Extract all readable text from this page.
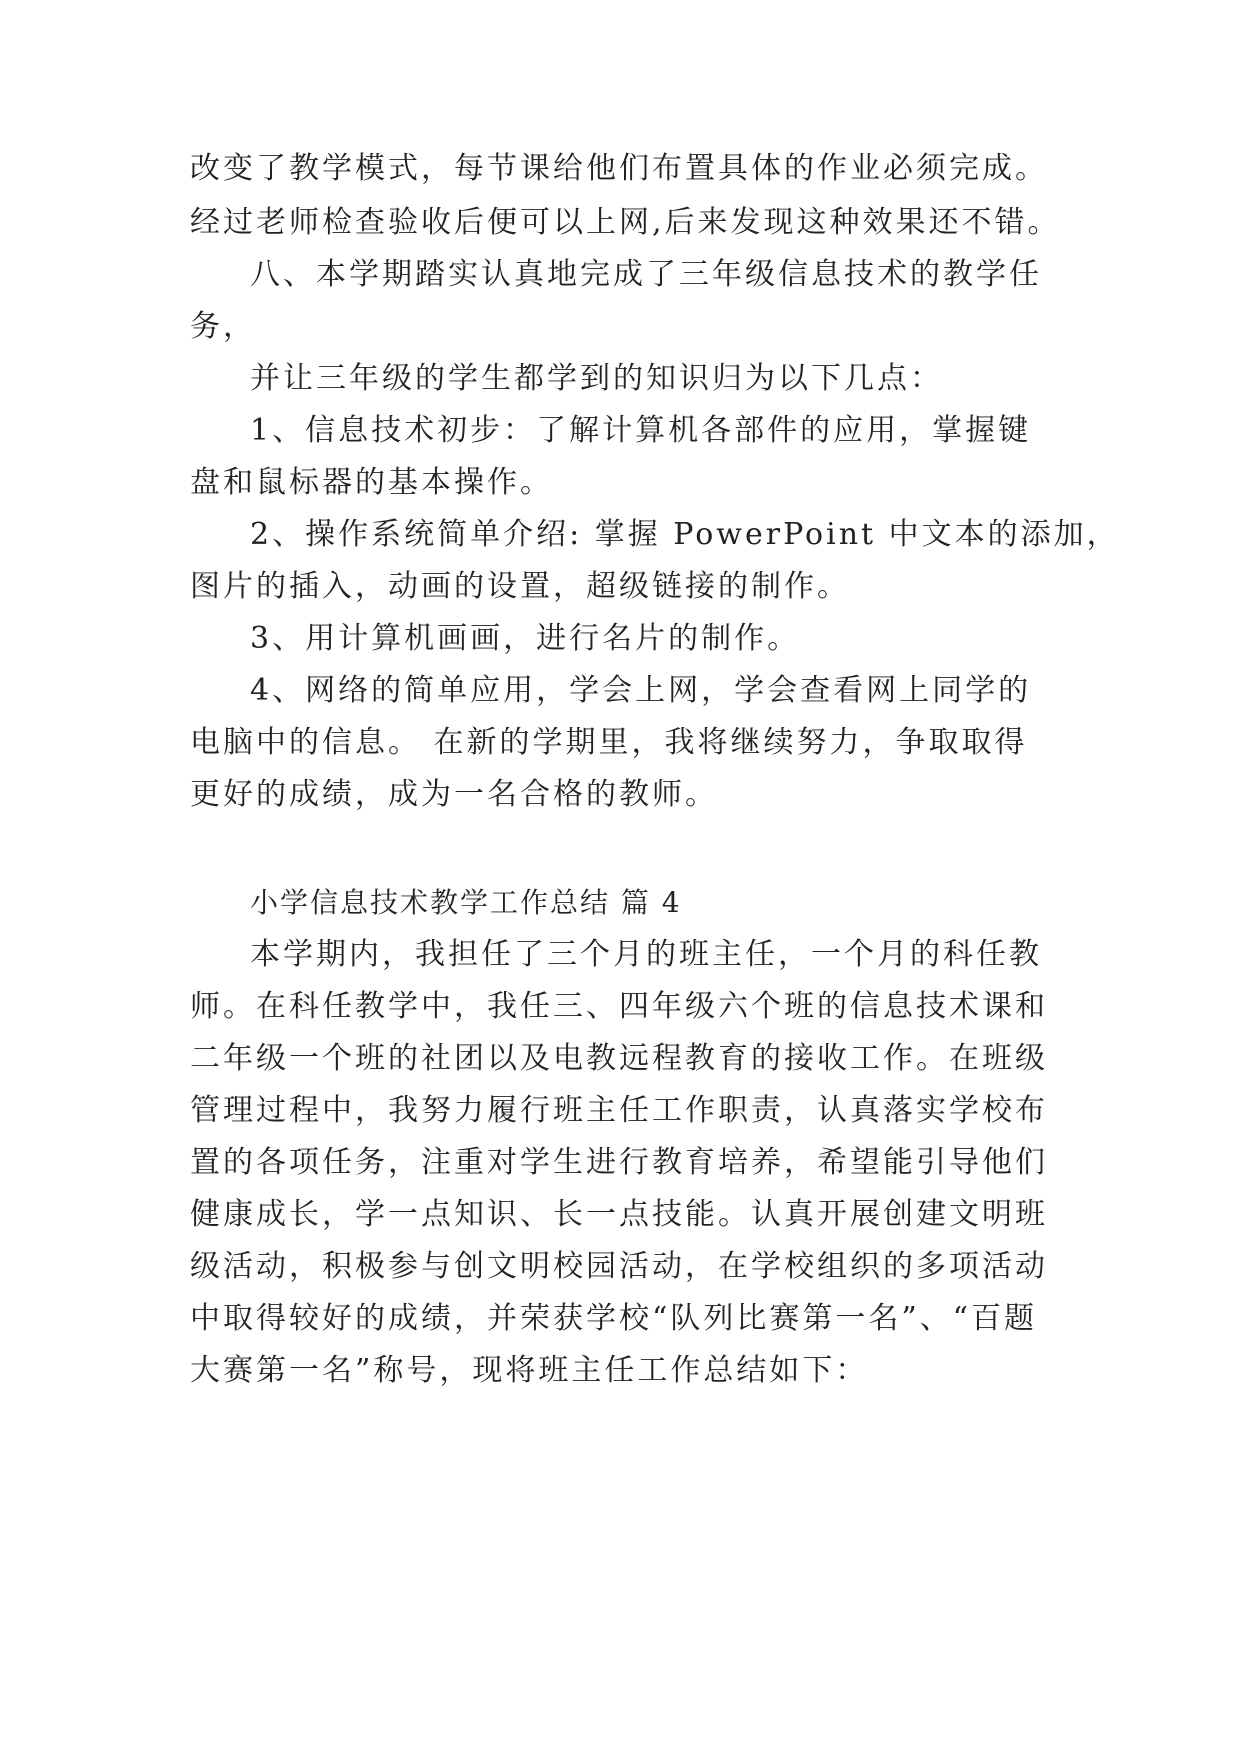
改变了教学模式，每节课给他们布置具体的作业必须完成。
经过老师检查验收后便可以上网,后来发现这种效果还不错。
八、本学期踏实认真地完成了三年级信息技术的教学任
务，
并让三年级的学生都学到的知识归为以下几点：
1、信息技术初步：了解计算机各部件的应用，掌握键
盘和鼠标器的基本操作。
2、操作系统简单介绍: 掌握 PowerPoint 中文本的添加，
图片的插入，动画的设置，超级链接的制作。
3、用计算机画画，进行名片的制作。
4、网络的简单应用，学会上网，学会查看网上同学的
电脑中的信息。 在新的学期里，我将继续努力，争取取得
更好的成绩，成为一名合格的教师。
小学信息技术教学工作总结 篇 4
本学期内，我担任了三个月的班主任，一个月的科任教
师。在科任教学中，我任三、四年级六个班的信息技术课和
二年级一个班的社团以及电教远程教育的接收工作。在班级
管理过程中，我努力履行班主任工作职责，认真落实学校布
置的各项任务，注重对学生进行教育培养，希望能引导他们
健康成长，学一点知识、长一点技能。认真开展创建文明班
级活动，积极参与创文明校园活动，在学校组织的多项活动
中取得较好的成绩，并荣获学校“队列比赛第一名”、“百题
大赛第一名”称号，现将班主任工作总结如下：
